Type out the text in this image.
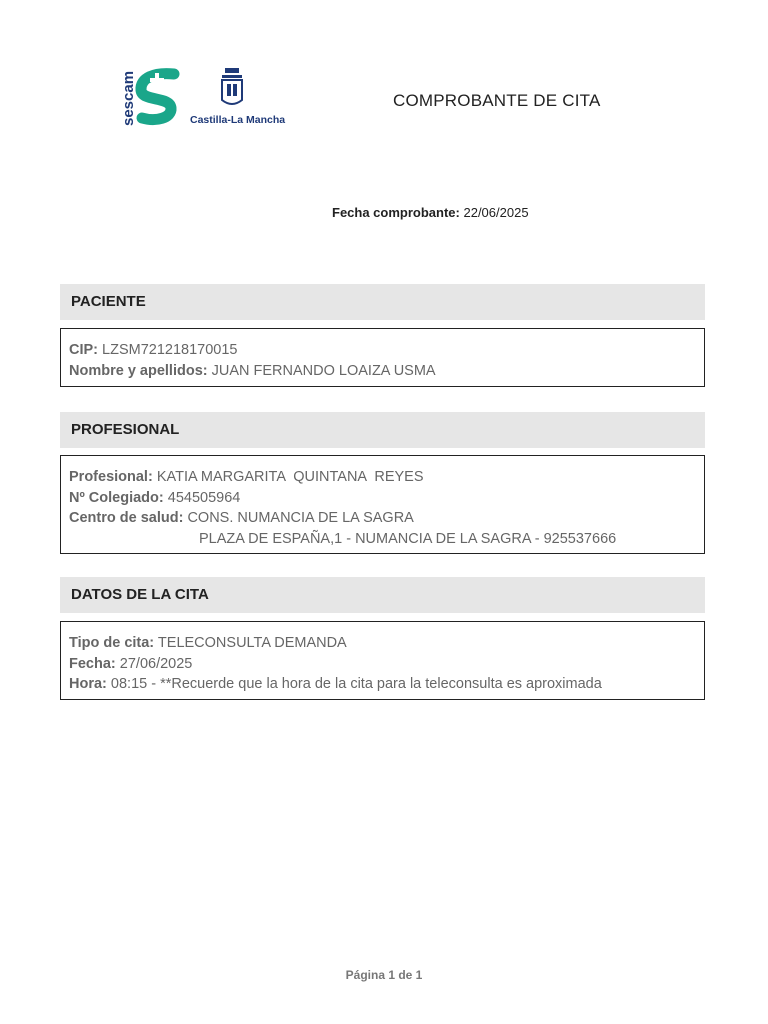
sescam	Castilla-La Mancha
COMPROBANTE DE CITA
Fecha comprobante: 22/06/2025
PACIENTE
CIP: LZSM721218170015
Nombre y apellidos: JUAN FERNANDO LOAIZA USMA
PROFESIONAL
Profesional: KATIA MARGARITA  QUINTANA  REYES
Nº Colegiado: 454505964
Centro de salud: CONS. NUMANCIA DE LA SAGRA
PLAZA DE ESPAÑA,1 - NUMANCIA DE LA SAGRA - 925537666
DATOS DE LA CITA
Tipo de cita: TELECONSULTA DEMANDA
Fecha: 27/06/2025
Hora: 08:15 - **Recuerde que la hora de la cita para la teleconsulta es aproximada
Página 1 de 1
